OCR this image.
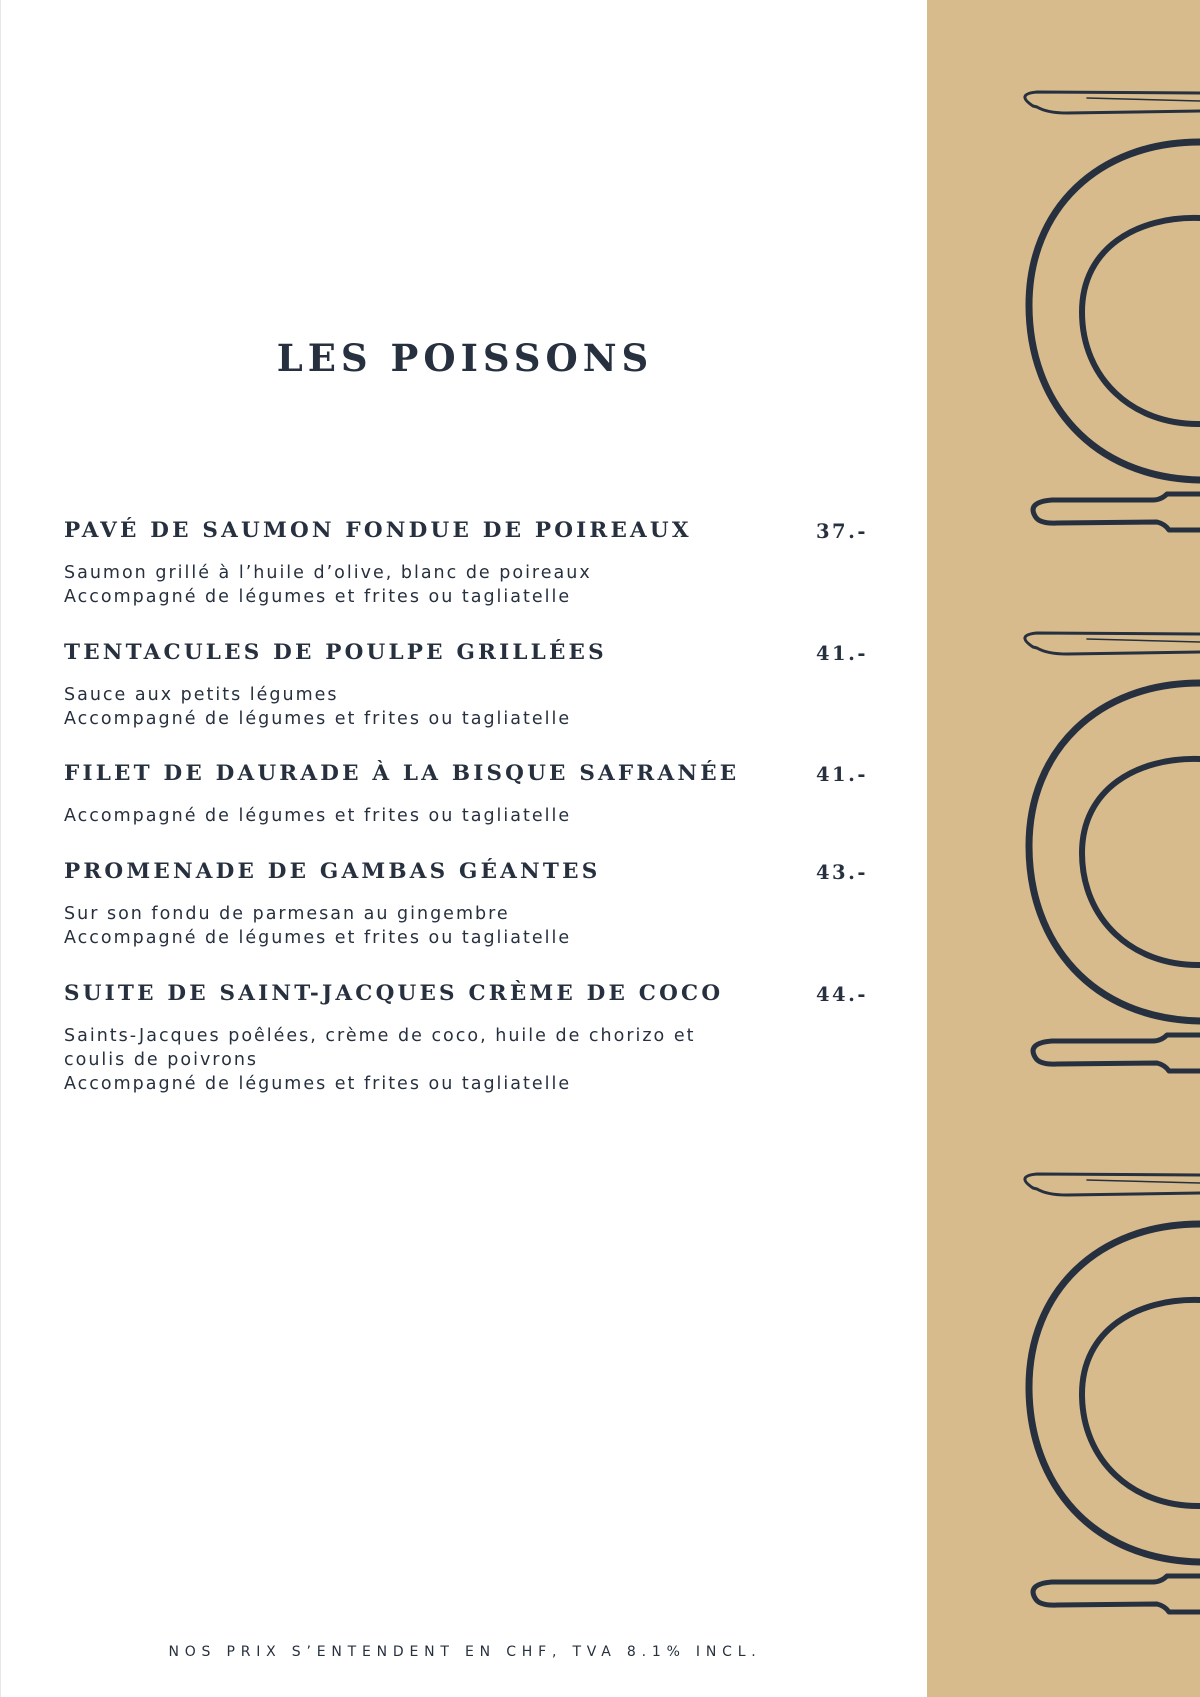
LES POISSONS
PAVÉ DE SAUMON FONDUE DE POIREAUX	37.-
Saumon grillé à l’huile d’olive, blanc de poireaux
Accompagné de légumes et frites ou tagliatelle
TENTACULES DE POULPE GRILLÉES	41.-
Sauce aux petits légumes
Accompagné de légumes et frites ou tagliatelle
FILET DE DAURADE À LA BISQUE SAFRANÉE	41.-
Accompagné de légumes et frites ou tagliatelle
PROMENADE DE GAMBAS GÉANTES	43.-
Sur son fondu de parmesan au gingembre
Accompagné de légumes et frites ou tagliatelle
SUITE DE SAINT-JACQUES CRÈME DE COCO	44.-
Saints-Jacques poêlées, crème de coco, huile de chorizo et
coulis de poivrons
Accompagné de légumes et frites ou tagliatelle
NOS PRIX S’ENTENDENT EN CHF, TVA 8.1% INCL.
